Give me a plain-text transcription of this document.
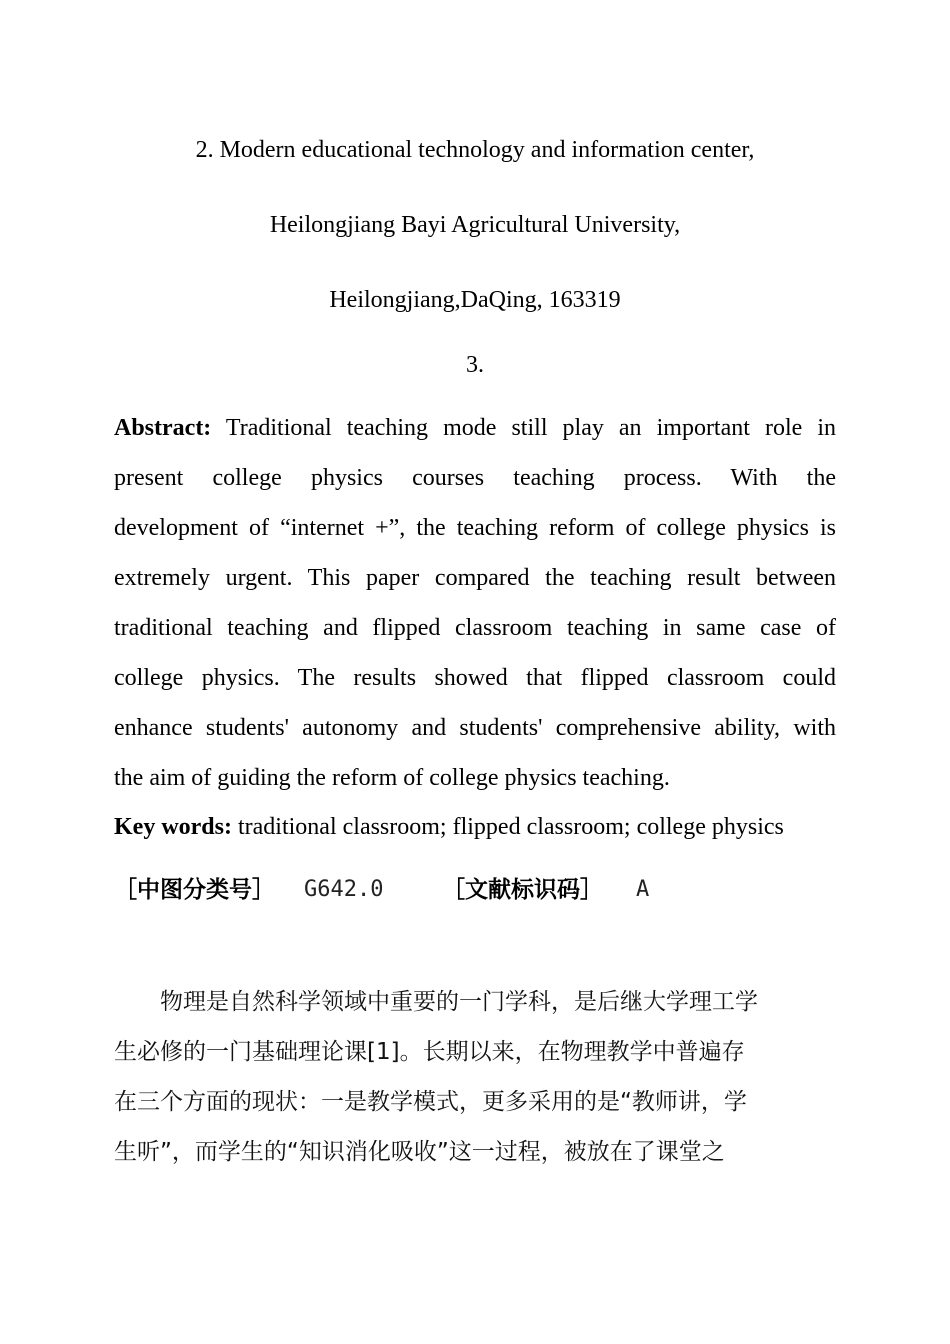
2. Modern educational technology and information center,
Heilongjiang Bayi Agricultural University,
Heilongjiang,DaQing, 163319
3.
Abstract: Traditional teaching mode still play an important role in
present college physics courses teaching process. With the
development of “internet +”, the teaching reform of college physics is
extremely urgent. This paper compared the teaching result between
traditional teaching and flipped classroom teaching in same case of
college physics. The results showed that flipped classroom could
enhance students' autonomy and students' comprehensive ability, with
the aim of guiding the reform of college physics teaching.
Key words: traditional classroom; flipped classroom; college physics
［中图分类号］ G642.0	［文献标识码］ A
　　物理是自然科学领域中重要的一门学科，是后继大学理工学
生必修的一门基础理论课[1]。长期以来，在物理教学中普遍存
在三个方面的现状：一是教学模式，更多采用的是“教师讲，学
生听”，而学生的“知识消化吸收”这一过程，被放在了课堂之
